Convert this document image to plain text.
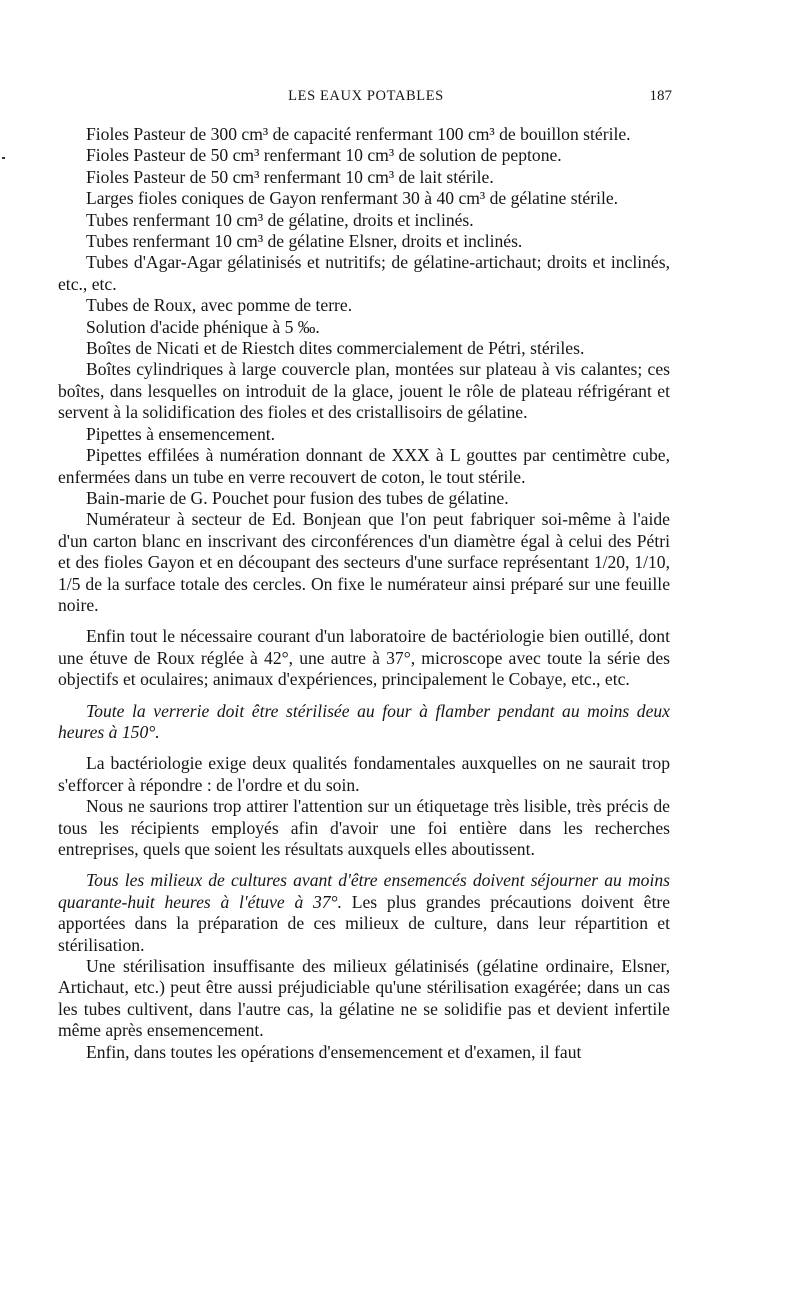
LES EAUX POTABLES	187

Fioles Pasteur de 300 cm³ de capacité renfermant 100 cm³ de bouillon stérile.

Fioles Pasteur de 50 cm³ renfermant 10 cm³ de solution de peptone.

Fioles Pasteur de 50 cm³ renfermant 10 cm³ de lait stérile.

Larges fioles coniques de Gayon renfermant 30 à 40 cm³ de gélatine stérile.

Tubes renfermant 10 cm³ de gélatine, droits et inclinés.

Tubes renfermant 10 cm³ de gélatine Elsner, droits et inclinés.

Tubes d'Agar-Agar gélatinisés et nutritifs; de gélatine-artichaut; droits et inclinés, etc., etc.

Tubes de Roux, avec pomme de terre.

Solution d'acide phénique à 5 ‰.

Boîtes de Nicati et de Riestch dites commercialement de Pétri, stériles.

Boîtes cylindriques à large couvercle plan, montées sur plateau à vis calantes; ces boîtes, dans lesquelles on introduit de la glace, jouent le rôle de plateau réfrigérant et servent à la solidification des fioles et des cristallisoirs de gélatine.

Pipettes à ensemencement.

Pipettes effilées à numération donnant de XXX à L gouttes par centimètre cube, enfermées dans un tube en verre recouvert de coton, le tout stérile.

Bain-marie de G. Pouchet pour fusion des tubes de gélatine.

Numérateur à secteur de Ed. Bonjean que l'on peut fabriquer soi-même à l'aide d'un carton blanc en inscrivant des circonférences d'un diamètre égal à celui des Pétri et des fioles Gayon et en découpant des secteurs d'une surface représentant 1/20, 1/10, 1/5 de la surface totale des cercles. On fixe le numérateur ainsi préparé sur une feuille noire.

Enfin tout le nécessaire courant d'un laboratoire de bactériologie bien outillé, dont une étuve de Roux réglée à 42°, une autre à 37°, microscope avec toute la série des objectifs et oculaires; animaux d'expériences, principalement le Cobaye, etc., etc.

Toute la verrerie doit être stérilisée au four à flamber pendant au moins deux heures à 150°.

La bactériologie exige deux qualités fondamentales auxquelles on ne saurait trop s'efforcer à répondre : de l'ordre et du soin.

Nous ne saurions trop attirer l'attention sur un étiquetage très lisible, très précis de tous les récipients employés afin d'avoir une foi entière dans les recherches entreprises, quels que soient les résultats auxquels elles aboutissent.

Tous les milieux de cultures avant d'être ensemencés doivent séjourner au moins quarante-huit heures à l'étuve à 37°. Les plus grandes précautions doivent être apportées dans la préparation de ces milieux de culture, dans leur répartition et stérilisation.

Une stérilisation insuffisante des milieux gélatinisés (gélatine ordinaire, Elsner, Artichaut, etc.) peut être aussi préjudiciable qu'une stérilisation exagérée; dans un cas les tubes cultivent, dans l'autre cas, la gélatine ne se solidifie pas et devient infertile même après ensemencement.

Enfin, dans toutes les opérations d'ensemencement et d'examen, il faut
